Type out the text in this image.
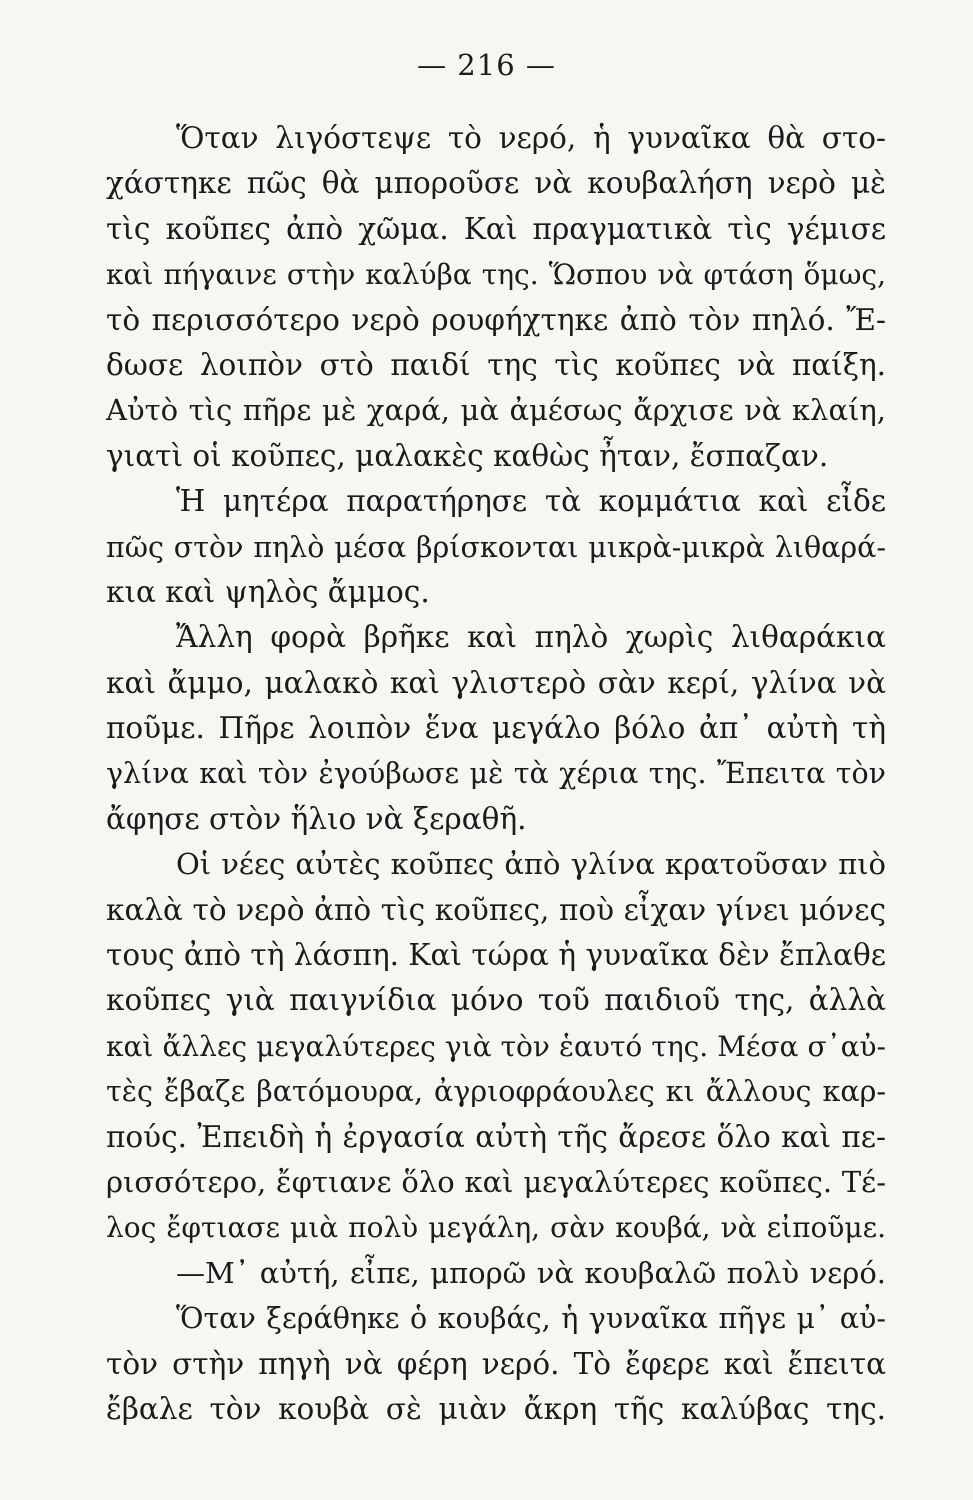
— 216 —
Ὅταν λιγόστεψε τὸ νερό, ἡ γυναῖκα θὰ στο-
χάστηκε πῶς θὰ μποροῦσε νὰ κουβαλήση νερὸ μὲ
τὶς κοῦπες ἀπὸ χῶμα. Καὶ πραγματικὰ τὶς γέμισε
καὶ πήγαινε στὴν καλύβα της. Ὥσπου νὰ φτάση ὅμως,
τὸ περισσότερο νερὸ ρουφήχτηκε ἀπὸ τὸν πηλό. Ἔ-
δωσε λοιπὸν στὸ παιδί της τὶς κοῦπες νὰ παίξη.
Αὐτὸ τὶς πῆρε μὲ χαρά, μὰ ἀμέσως ἄρχισε νὰ κλαίη,
γιατὶ οἱ κοῦπες, μαλακὲς καθὼς ἦταν, ἔσπαζαν.
Ἡ μητέρα παρατήρησε τὰ κομμάτια καὶ εἶδε
πῶς στὸν πηλὸ μέσα βρίσκονται μικρὰ-μικρὰ λιθαρά-
κια καὶ ψηλὸς ἄμμος.
Ἄλλη φορὰ βρῆκε καὶ πηλὸ χωρὶς λιθαράκια
καὶ ἄμμο, μαλακὸ καὶ γλιστερὸ σὰν κερί, γλίνα νὰ
ποῦμε. Πῆρε λοιπὸν ἕνα μεγάλο βόλο ἀπ᾽ αὐτὴ τὴ
γλίνα καὶ τὸν ἐγούβωσε μὲ τὰ χέρια της. Ἔπειτα τὸν
ἄφησε στὸν ἥλιο νὰ ξεραθῆ.
Οἱ νέες αὐτὲς κοῦπες ἀπὸ γλίνα κρατοῦσαν πιὸ
καλὰ τὸ νερὸ ἀπὸ τὶς κοῦπες, ποὺ εἶχαν γίνει μόνες
τους ἀπὸ τὴ λάσπη. Καὶ τώρα ἡ γυναῖκα δὲν ἔπλαθε
κοῦπες γιὰ παιγνίδια μόνο τοῦ παιδιοῦ της, ἀλλὰ
καὶ ἄλλες μεγαλύτερες γιὰ τὸν ἑαυτό της. Μέσα σ᾽αὐ-
τὲς ἔβαζε βατόμουρα, ἀγριοφράουλες κι ἄλλους καρ-
πούς. Ἐπειδὴ ἡ ἐργασία αὐτὴ τῆς ἄρεσε ὅλο καὶ πε-
ρισσότερο, ἔφτιανε ὅλο καὶ μεγαλύτερες κοῦπες. Τέ-
λος ἔφτιασε μιὰ πολὺ μεγάλη, σὰν κουβά, νὰ εἰποῦμε.
—Μ᾽ αὐτή, εἶπε, μπορῶ νὰ κουβαλῶ πολὺ νερό.
Ὅταν ξεράθηκε ὁ κουβάς, ἡ γυναῖκα πῆγε μ᾽ αὐ-
τὸν στὴν πηγὴ νὰ φέρη νερό. Τὸ ἔφερε καὶ ἔπειτα
ἔβαλε τὸν κουβὰ σὲ μιὰν ἄκρη τῆς καλύβας της.
